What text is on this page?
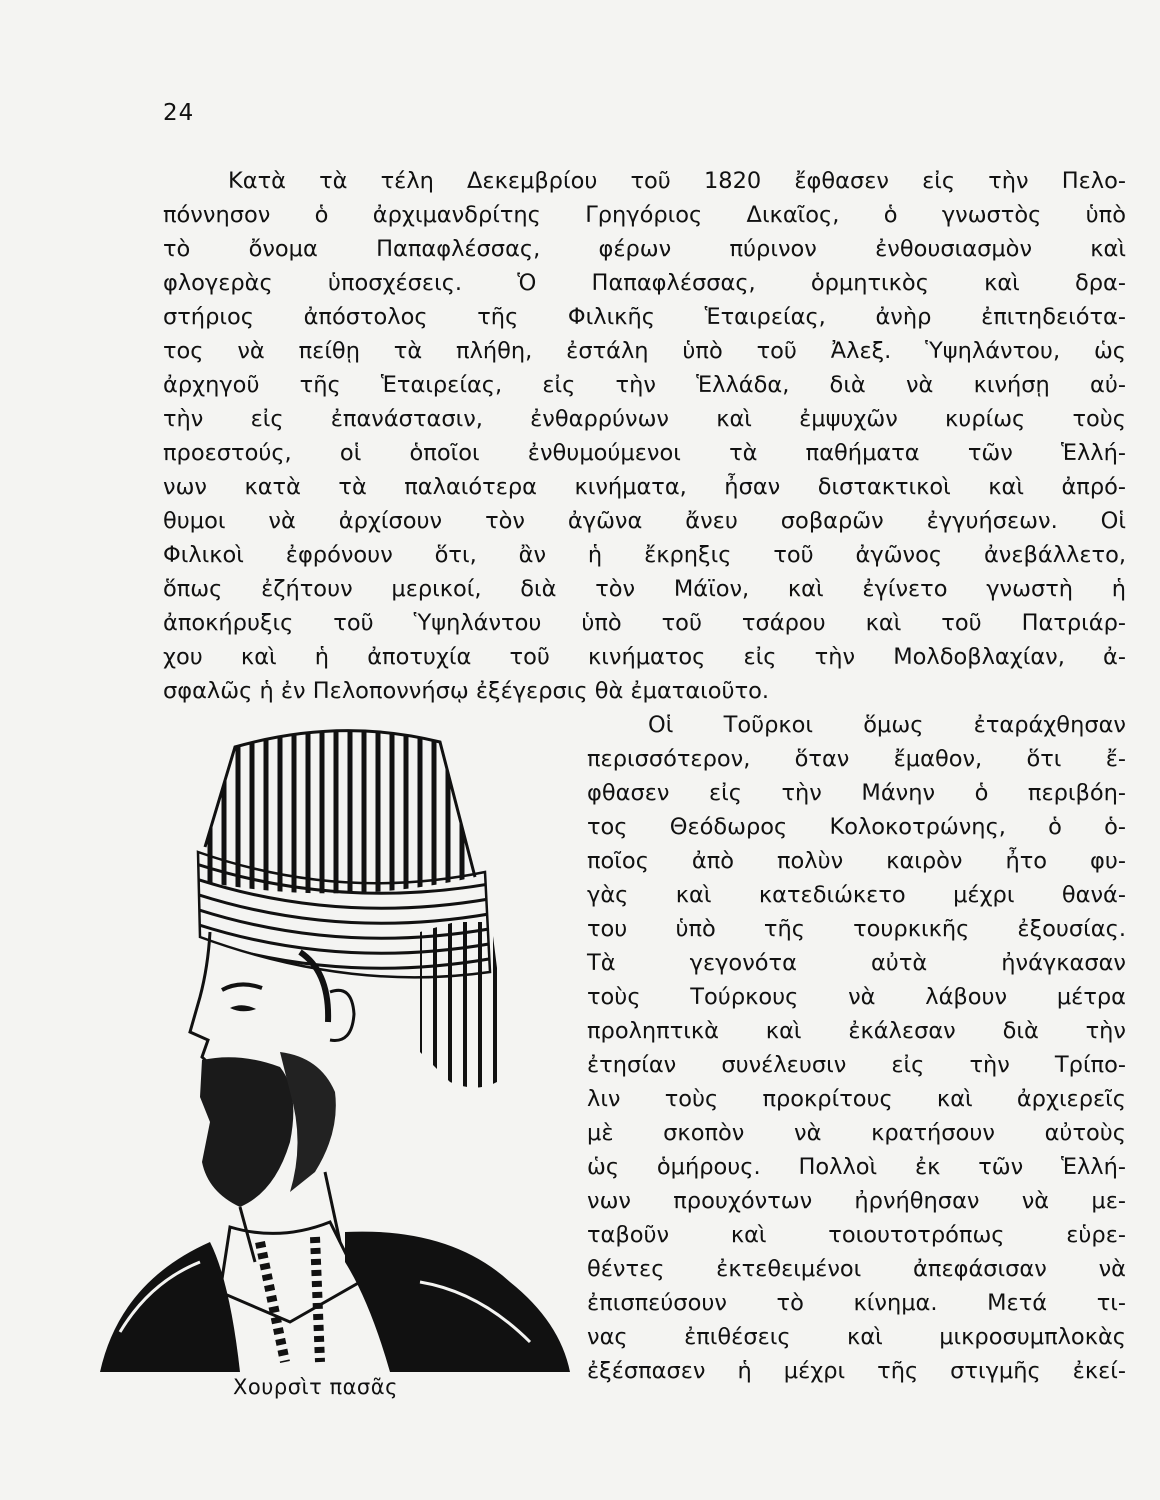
24
Κατὰ τὰ τέλη Δεκεμβρίου τοῦ 1820 ἔφθασεν εἰς τὴν Πελο-
πόννησον ὁ ἀρχιμανδρίτης Γρηγόριος Δικαῖος, ὁ γνωστὸς ὑπὸ
τὸ ὄνομα Παπαφλέσσας, φέρων πύρινον ἐνθουσιασμὸν καὶ
φλογερὰς ὑποσχέσεις. Ὁ Παπαφλέσσας, ὁρμητικὸς καὶ δρα-
στήριος ἀπόστολος τῆς Φιλικῆς Ἑταιρείας, ἀνὴρ ἐπιτηδειότα-
τος νὰ πείθῃ τὰ πλήθη, ἐστάλη ὑπὸ τοῦ Ἀλεξ. Ὑψηλάντου, ὡς
ἀρχηγοῦ τῆς Ἑταιρείας, εἰς τὴν Ἑλλάδα, διὰ νὰ κινήσῃ αὐ-
τὴν εἰς ἐπανάστασιν, ἐνθαρρύνων καὶ ἐμψυχῶν κυρίως τοὺς
προεστούς, οἱ ὁποῖοι ἐνθυμούμενοι τὰ παθήματα τῶν Ἑλλή-
νων κατὰ τὰ παλαιότερα κινήματα, ἦσαν διστακτικοὶ καὶ ἀπρό-
θυμοι νὰ ἀρχίσουν τὸν ἀγῶνα ἄνευ σοβαρῶν ἐγγυήσεων. Οἱ
Φιλικοὶ ἐφρόνουν ὅτι, ἂν ἡ ἔκρηξις τοῦ ἀγῶνος ἀνεβάλλετο,
ὅπως ἐζήτουν μερικοί, διὰ τὸν Μάϊον, καὶ ἐγίνετο γνωστὴ ἡ
ἀποκήρυξις τοῦ Ὑψηλάντου ὑπὸ τοῦ τσάρου καὶ τοῦ Πατριάρ-
χου καὶ ἡ ἀποτυχία τοῦ κινήματος εἰς τὴν Μολδοβλαχίαν, ἀ-
σφαλῶς ἡ ἐν Πελοποννήσῳ ἐξέγερσις θὰ ἐματαιοῦτο.
Οἱ Τοῦρκοι ὅμως ἐταράχθησαν
περισσότερον, ὅταν ἔμαθον, ὅτι ἔ-
φθασεν εἰς τὴν Μάνην ὁ περιβόη-
τος Θεόδωρος Κολοκοτρώνης, ὁ ὁ-
ποῖος ἀπὸ πολὺν καιρὸν ἦτο φυ-
γὰς καὶ κατεδιώκετο μέχρι θανά-
του ὑπὸ τῆς τουρκικῆς ἐξουσίας.
Τὰ γεγονότα αὐτὰ ἠνάγκασαν
τοὺς Τούρκους νὰ λάβουν μέτρα
προληπτικὰ καὶ ἐκάλεσαν διὰ τὴν
ἐτησίαν συνέλευσιν εἰς τὴν Τρίπο-
λιν τοὺς προκρίτους καὶ ἀρχιερεῖς
μὲ σκοπὸν νὰ κρατήσουν αὐτοὺς
ὡς ὁμήρους. Πολλοὶ ἐκ τῶν Ἑλλή-
νων προυχόντων ἠρνήθησαν νὰ με-
ταβοῦν καὶ τοιουτοτρόπως εὑρε-
θέντες ἐκτεθειμένοι ἀπεφάσισαν νὰ
ἐπισπεύσουν τὸ κίνημα. Μετά τι-
νας ἐπιθέσεις καὶ μικροσυμπλοκὰς
ἐξέσπασεν ἡ μέχρι τῆς στιγμῆς ἐκεί-
Χουρσὶτ πασᾶς
